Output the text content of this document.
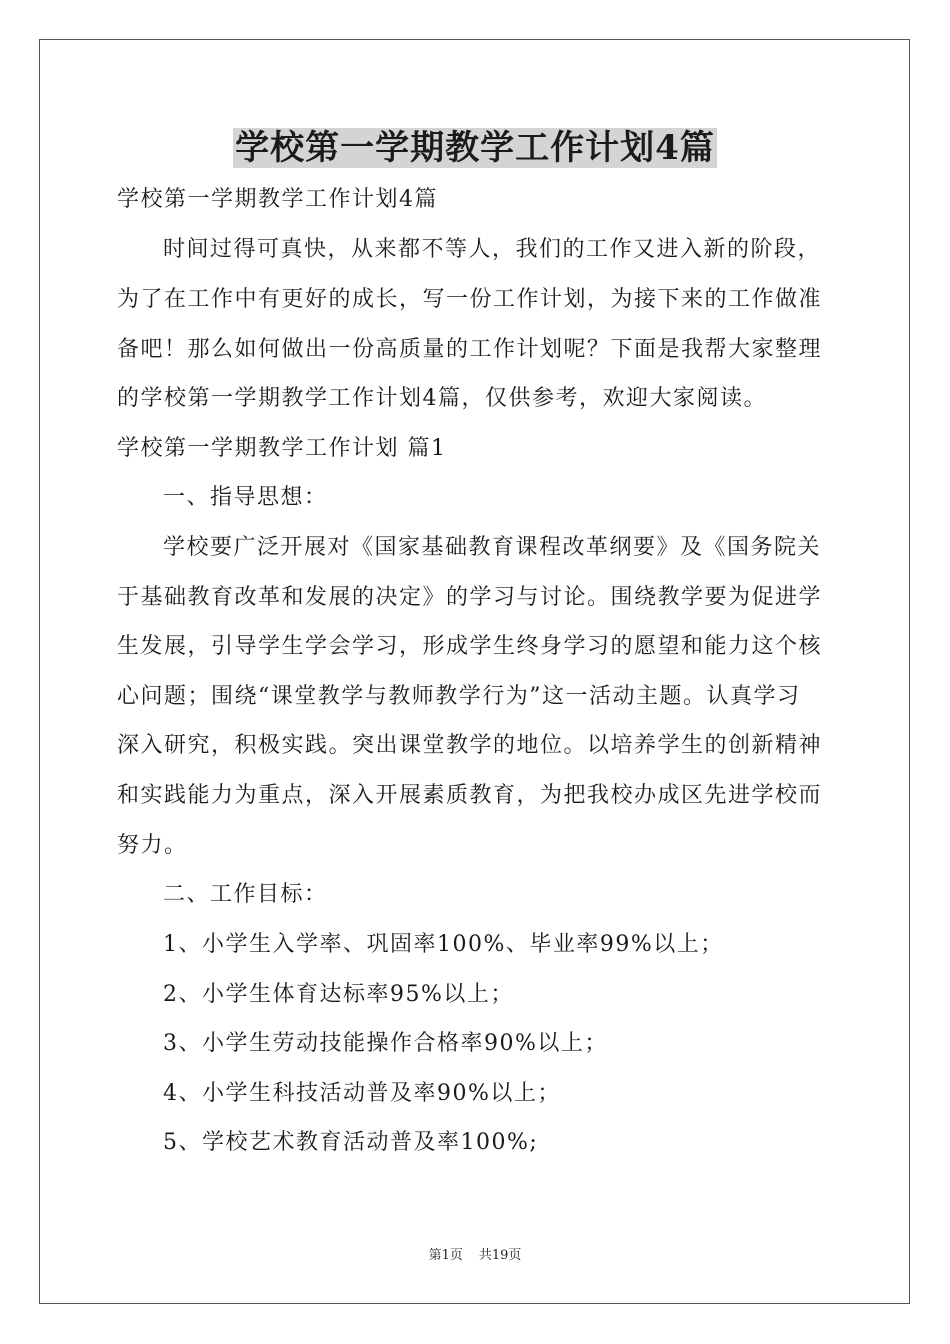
学校第一学期教学工作计划4篇
学校第一学期教学工作计划4篇
时间过得可真快，从来都不等人，我们的工作又进入新的阶段，
为了在工作中有更好的成长，写一份工作计划，为接下来的工作做准
备吧！那么如何做出一份高质量的工作计划呢？下面是我帮大家整理
的学校第一学期教学工作计划4篇，仅供参考，欢迎大家阅读。
学校第一学期教学工作计划 篇1
一、指导思想：
学校要广泛开展对《国家基础教育课程改革纲要》及《国务院关
于基础教育改革和发展的决定》的学习与讨论。围绕教学要为促进学
生发展，引导学生学会学习，形成学生终身学习的愿望和能力这个核
心问题；围绕“课堂教学与教师教学行为”这一活动主题。认真学习
深入研究，积极实践。突出课堂教学的地位。以培养学生的创新精神
和实践能力为重点，深入开展素质教育，为把我校办成区先进学校而
努力。
二、工作目标：
1、小学生入学率、巩固率100%、毕业率99%以上；
2、小学生体育达标率95%以上；
3、小学生劳动技能操作合格率90%以上；
4、小学生科技活动普及率90%以上；
5、学校艺术教育活动普及率100%;
第1页 共19页
